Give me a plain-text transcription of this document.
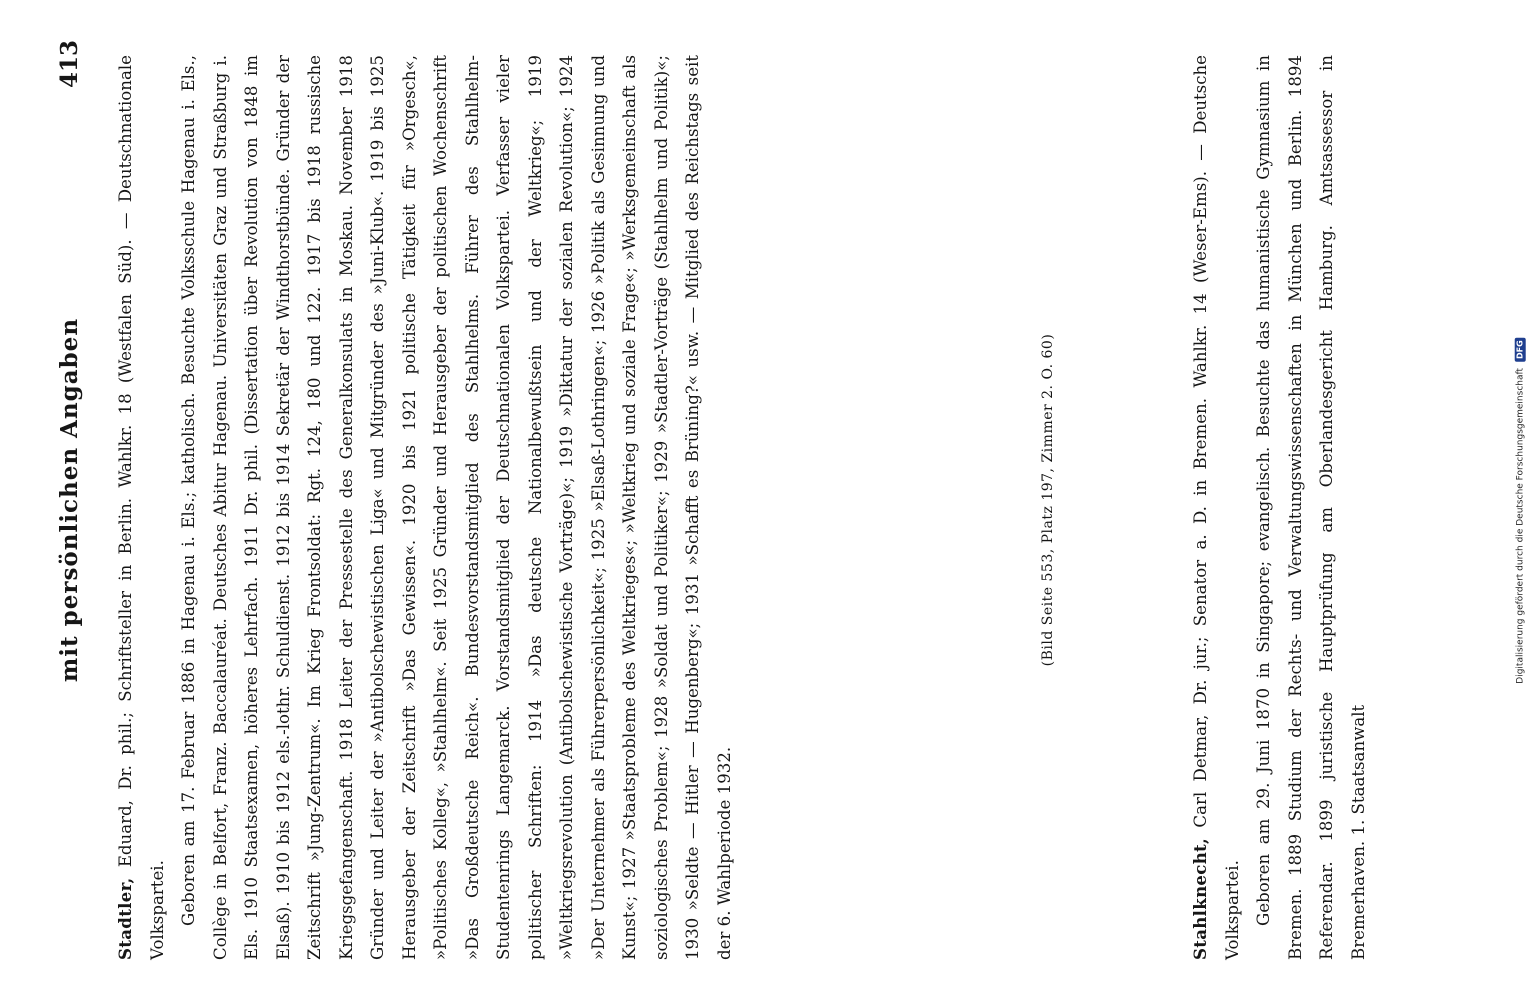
mit persönlichen Angaben
413

Stadtler, Eduard, Dr. phil.; Schriftsteller in Berlin. Wahlkr. 18 (Westfalen Süd). — Deutschnationale Volkspartei. Geboren am 17. Februar 1886 in Hagenau i. Els.; katholisch. Besuchte Volksschule Hagenau i. Els., Collège in Belfort, Franz. Baccalauréat. Deutsches Abitur Hagenau. Universitäten Graz und Straßburg i. Els. 1910 Staatsexamen, höheres Lehrfach. 1911 Dr. phil. (Dissertation über Revolution von 1848 im Elsaß). 1910 bis 1912 els.-lothr. Schuldienst. 1912 bis 1914 Sekretär der Windthorstbünde. Gründer der Zeitschrift »Jung-Zentrum«. Im Krieg Frontsoldat: Rgt. 124, 180 und 122. 1917 bis 1918 russische Kriegsgefangenschaft. 1918 Leiter der Pressestelle des Generalkonsulats in Moskau. November 1918 Gründer und Leiter der »Antibolschewistischen Liga« und Mitgründer des »Juni-Klub«. 1919 bis 1925 Herausgeber der Zeitschrift »Das Gewissen«. 1920 bis 1921 politische Tätigkeit für »Orgesch«, »Politisches Kolleg«, »Stahlhelm«. Seit 1925 Gründer und Herausgeber der politischen Wochenschrift »Das Großdeutsche Reich«. Bundesvorstandsmitglied des Stahlhelms. Führer des Stahlhelm-Studentenrings Langemarck. Vorstandsmitglied der Deutschnationalen Volkspartei. Verfasser vieler politischer Schriften: 1914 »Das deutsche Nationalbewußtsein und der Weltkrieg«; 1919 »Weltkriegsrevolution (Antibolschewistische Vorträge)«; 1919 »Diktatur der sozialen Revolution«; 1924 »Der Unternehmer als Führerpersönlichkeit«; 1925 »Elsaß-Lothringen«; 1926 »Politik als Gesinnung und Kunst«; 1927 »Staatsprobleme des Weltkrieges«; »Weltkrieg und soziale Frage«; »Werksgemeinschaft als soziologisches Problem«; 1928 »Soldat und Politiker«; 1929 »Stadtler-Vorträge (Stahlhelm und Politik)«; 1930 »Seldte — Hitler — Hugenberg«; 1931 »Schafft es Brüning?« usw. — Mitglied des Reichstags seit der 6. Wahlperiode 1932.

(Bild Seite 553, Platz 197, Zimmer 2. O. 60)

Stahlknecht, Carl Detmar, Dr. jur.; Senator a. D. in Bremen. Wahlkr. 14 (Weser-Ems). — Deutsche Volkspartei. Geboren am 29. Juni 1870 in Singapore; evangelisch. Besuchte das humanistische Gymnasium in Bremen. 1889 Studium der Rechts- und Verwaltungswissenschaften in München und Berlin. 1894 Referendar. 1899 juristische Hauptprüfung am Oberlandesgericht Hamburg. Amtsassessor in Bremerhaven. 1. Staatsanwalt

Digitalisierung gefördert durch die Deutsche Forschungsgemeinschaft
DFG
